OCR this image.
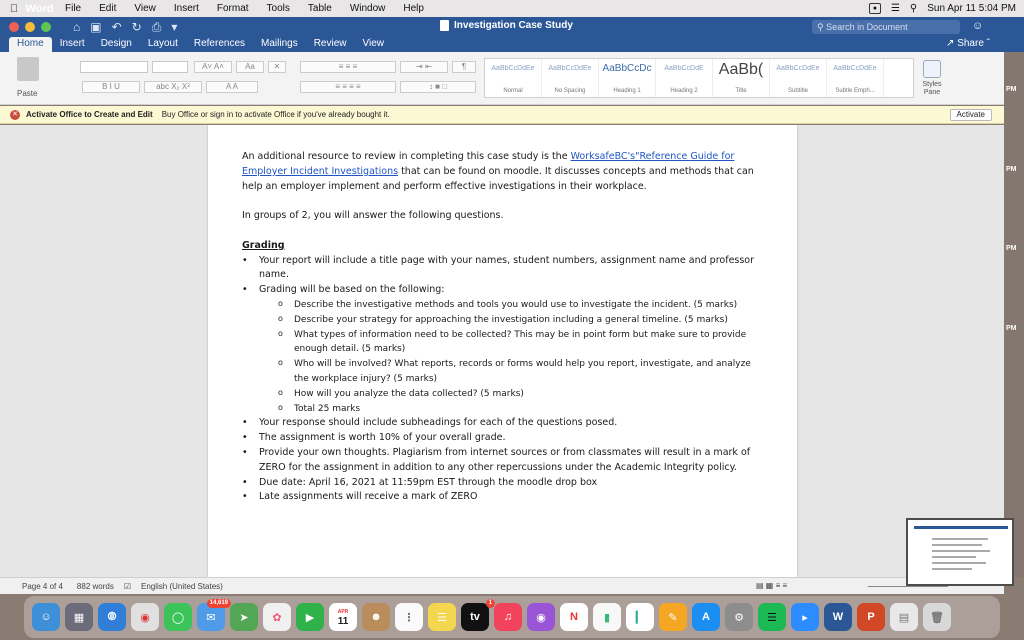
Word	File	Edit	View	Insert	Format	Tools	Table	Window	Help	●	☰ ⚲ Sun Apr 11 5:04 PM
⌂ ▣ ↶ ↻ ⎙ ▾	Investigation Case Study	⚲ Search in Document	☺
Home	Insert	Design	Layout	References	Mailings	Review	View	↗ Share ˆ
Paste
A˅ A˄	Aa	✕
B I U	abc X₂ X²	A A
≡ ≡ ≡	⇥ ⇤	¶
≡ ≡ ≡ ≡	↕ ■ □
AaBbCcDdEe
Normal
AaBbCcDdEe
No Spacing
AaBbCcDc
Heading 1
AaBbCcDdE
Heading 2
AaBb(
Title
AaBbCcDdEe
Subtitle
AaBbCcDdEe
Subtle Emph...
Styles Pane	PM
PM
PM
PM
✕ Activate Office to Create and Edit Buy Office or sign in to activate Office if you've already bought it.	Activate

An additional resource to review in completing this case study is the WorksafeBC's"Reference Guide for Employer Incident Investigations that can be found on moodle. It discusses concepts and methods that can help an employer implement and perform effective investigations in their workplace.

In groups of 2, you will answer the following questions.

Grading

• Your report will include a title page with your names, student numbers, assignment name and professor name.
• Grading will be based on the following:
o Describe the investigative methods and tools you would use to investigate the incident. (5 marks)
o Describe your strategy for approaching the investigation including a general timeline. (5 marks)
o What types of information need to be collected? This may be in point form but make sure to provide enough detail. (5 marks)
o Who will be involved? What reports, records or forms would help you report, investigate, and analyze the workplace injury? (5 marks)
o How will you analyze the data collected? (5 marks)
o Total 25 marks
• Your response should include subheadings for each of the questions posed.
• The assignment is worth 10% of your overall grade.
• Provide your own thoughts. Plagiarism from internet sources or from classmates will result in a mark of ZERO for the assignment in addition to any other repercussions under the Academic Integrity policy.
• Due date: April 16, 2021 at 11:59pm EST through the moodle drop box
• Late assignments will receive a mark of ZERO
Page 4 of 4 882 words ☑ English (United States)	▤ ▦ ≡ ≡
☺	▦	⦾	◉	◯	✉
14,619
➤	✿	▶	APR
11	☻	⋮	☰	tv
1
♫	◉	N	▮	▎	✎	A	⚙	☰	▸	W	P	▤	🗑
